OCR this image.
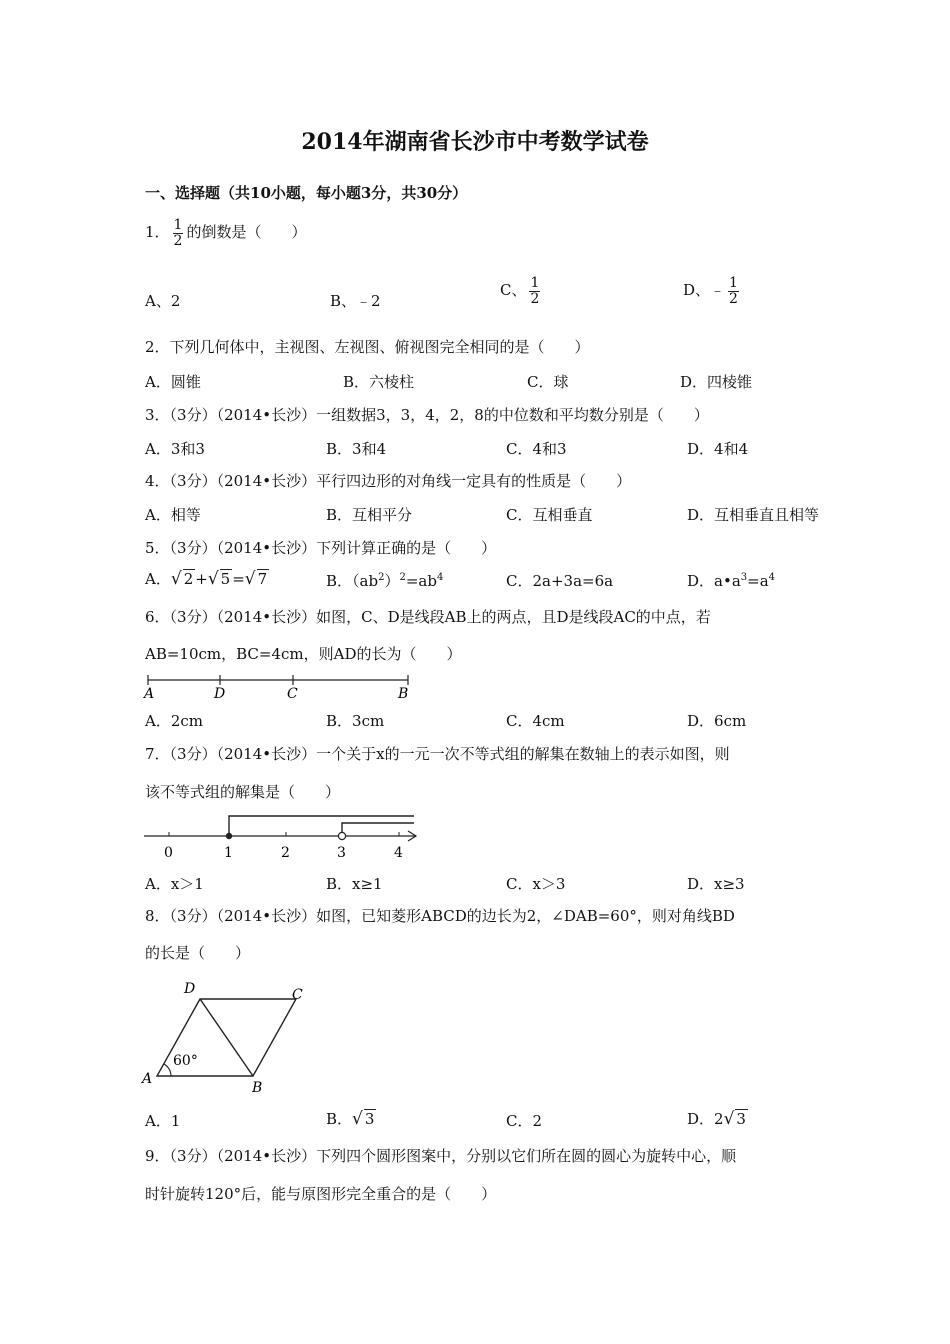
2014年湖南省长沙市中考数学试卷
一、选择题（共10小题，每小题3分，共30分）
1． $\frac{1}{2}$ 的倒数是（　　）
A、2	B、﹣2
C、 $\frac{1}{2}$	D、﹣ $\frac{1}{2}$
2．下列几何体中，主视图、左视图、俯视图完全相同的是（　　）
A．圆锥	B．六棱柱	C．球	D．四棱锥
3．（3分）（2014•长沙）一组数据3，3，4，2，8的中位数和平均数分别是（　　）
A．3和3	B．3和4	C．4和3	D．4和4
4．（3分）（2014•长沙）平行四边形的对角线一定具有的性质是（　　）
A．相等	B．互相平分	C．互相垂直	D．互相垂直且相等
5．（3分）（2014•长沙）下列计算正确的是（　　）
A．√ 2 +√ 5 =√ 7	B．$(ab^2)^2=ab^4$	C．2a+3a=6a	D．$a•a^3=a^4$
6．（3分）（2014•长沙）如图，C、D是线段AB上的两点，且D是线段AC的中点，若
AB=10cm，BC=4cm，则AD的长为（　　）
A	D	C	B
A．2cm	B．3cm	C．4cm	D．6cm
7．（3分）（2014•长沙）一个关于x的一元一次不等式组的解集在数轴上的表示如图，则
该不等式组的解集是（　　）
0	1	2	3	4
A．x＞1	B．x≥1	C．x＞3	D．x≥3
8．（3分）（2014•长沙）如图，已知菱形ABCD的边长为2，∠DAB=60°，则对角线BD
的长是（　　）
60°
A
B
C
D
A．1	B．√ 3	C．2	D．2√ 3
9．（3分）（2014•长沙）下列四个圆形图案中，分别以它们所在圆的圆心为旋转中心，顺
时针旋转120°后，能与原图形完全重合的是（　　）
